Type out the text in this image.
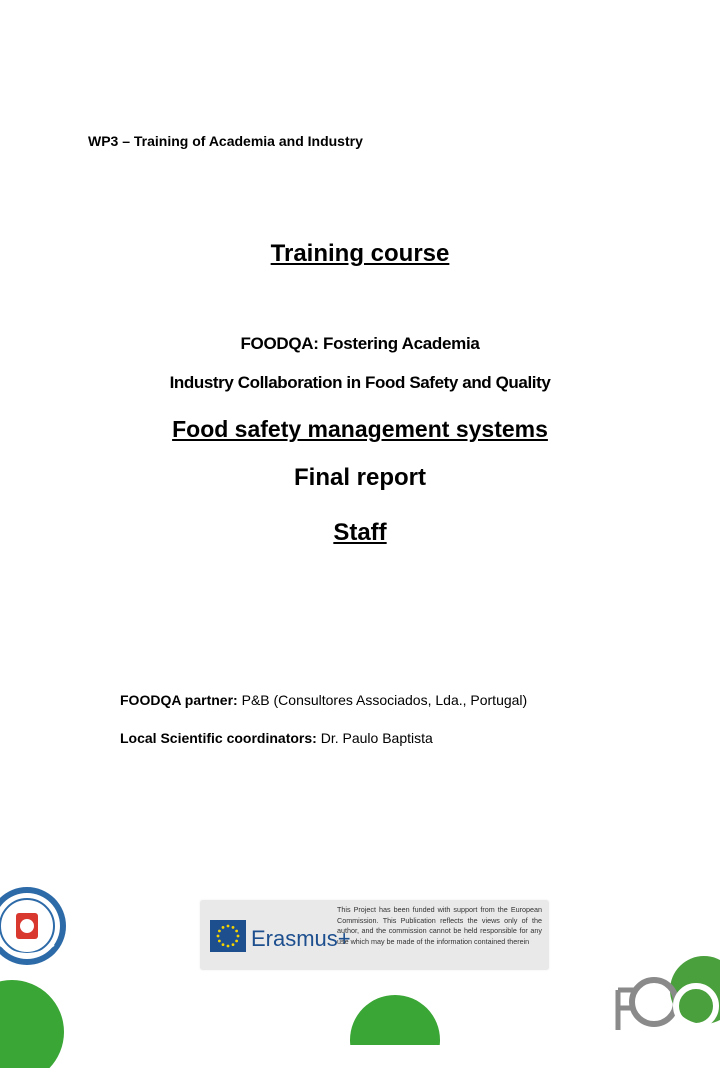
WP3 – Training of Academia and Industry
Training course
FOODQA: Fostering Academia
Industry Collaboration in Food Safety and Quality
Food safety management systems
Final report
Staff
FOODQA partner: P&B (Consultores Associados, Lda., Portugal)
Local Scientific coordinators: Dr. Paulo Baptista
Erasmus+
This Project has been funded with support from the European Commission. This Publication reflects the views only of the author, and the commission cannot be held responsible for any use which may be made of the information contained therein
